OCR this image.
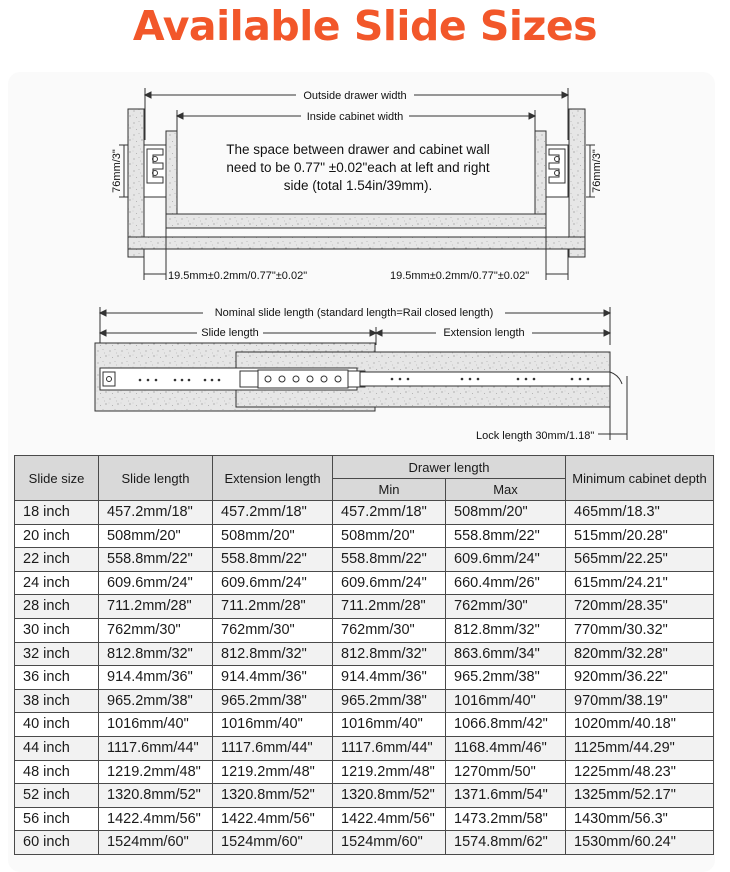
Available Slide Sizes
Outside drawer width
Inside cabinet width
The space between drawer and cabinet wall
need to be 0.77" ±0.02"each at left and right
side (total 1.54in/39mm).
76mm/3"	76mm/3"
19.5mm±0.2mm/0.77"±0.02"	19.5mm±0.2mm/0.77"±0.02"
Nominal slide length (standard length=Rail closed length)
Slide length	Extension length
Lock length 30mm/1.18"
Slide size	Slide length	Extension length	Drawer length		Minimum cabinet depth
			Min	Max	
18 inch	457.2mm/18"	457.2mm/18"	457.2mm/18"	508mm/20"	465mm/18.3"
20 inch	508mm/20"	508mm/20"	508mm/20"	558.8mm/22"	515mm/20.28"
22 inch	558.8mm/22"	558.8mm/22"	558.8mm/22"	609.6mm/24"	565mm/22.25"
24 inch	609.6mm/24"	609.6mm/24"	609.6mm/24"	660.4mm/26"	615mm/24.21"
28 inch	711.2mm/28"	711.2mm/28"	711.2mm/28"	762mm/30"	720mm/28.35"
30 inch	762mm/30"	762mm/30"	762mm/30"	812.8mm/32"	770mm/30.32"
32 inch	812.8mm/32"	812.8mm/32"	812.8mm/32"	863.6mm/34"	820mm/32.28"
36 inch	914.4mm/36"	914.4mm/36"	914.4mm/36"	965.2mm/38"	920mm/36.22"
38 inch	965.2mm/38"	965.2mm/38"	965.2mm/38"	1016mm/40"	970mm/38.19"
40 inch	1016mm/40"	1016mm/40"	1016mm/40"	1066.8mm/42"	1020mm/40.18"
44 inch	1117.6mm/44"	1117.6mm/44"	1117.6mm/44"	1168.4mm/46"	1125mm/44.29"
48 inch	1219.2mm/48"	1219.2mm/48"	1219.2mm/48"	1270mm/50"	1225mm/48.23"
52 inch	1320.8mm/52"	1320.8mm/52"	1320.8mm/52"	1371.6mm/54"	1325mm/52.17"
56 inch	1422.4mm/56"	1422.4mm/56"	1422.4mm/56"	1473.2mm/58"	1430mm/56.3"
60 inch	1524mm/60"	1524mm/60"	1524mm/60"	1574.8mm/62"	1530mm/60.24"
